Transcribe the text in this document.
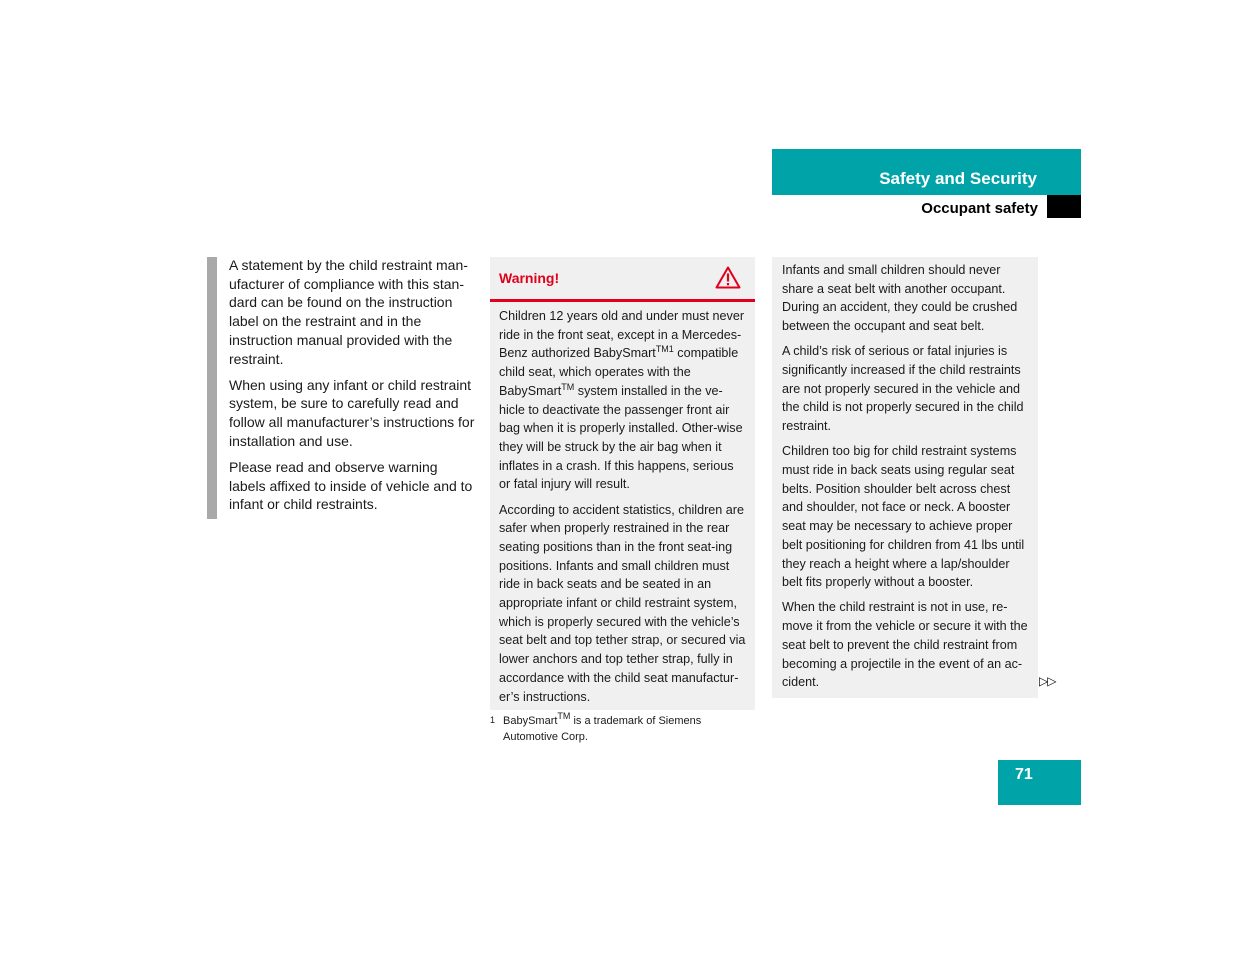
Safety and Security
Occupant safety

A statement by the child restraint man-ufacturer of compliance with this stan-dard can be found on the instruction label on the restraint and in the instruction manual provided with the restraint.

When using any infant or child restraint system, be sure to carefully read and follow all manufacturer’s instructions for installation and use.

Please read and observe warning labels affixed to inside of vehicle and to infant or child restraints.

Warning!

Children 12 years old and under must never ride in the front seat, except in a Mercedes-Benz authorized BabySmart$^{TM1}$ compatible child seat, which operates with the BabySmart™ system installed in the ve-hicle to deactivate the passenger front air bag when it is properly installed. Other-wise they will be struck by the air bag when it inflates in a crash. If this happens, serious or fatal injury will result.

According to accident statistics, children are safer when properly restrained in the rear seating positions than in the front seat-ing positions. Infants and small children must ride in back seats and be seated in an appropriate infant or child restraint system, which is properly secured with the vehicle’s seat belt and top tether strap, or secured via lower anchors and top tether strap, fully in accordance with the child seat manufactur-er’s instructions.

1 BabySmart™ is a trademark of Siemens Automotive Corp.

Infants and small children should never share a seat belt with another occupant. During an accident, they could be crushed between the occupant and seat belt.

A child’s risk of serious or fatal injuries is significantly increased if the child restraints are not properly secured in the vehicle and the child is not properly secured in the child restraint.

Children too big for child restraint systems must ride in back seats using regular seat belts. Position shoulder belt across chest and shoulder, not face or neck. A booster seat may be necessary to achieve proper belt positioning for children from 41 lbs until they reach a height where a lap/shoulder belt fits properly without a booster.

When the child restraint is not in use, re-move it from the vehicle or secure it with the seat belt to prevent the child restraint from becoming a projectile in the event of an ac-cident.	▷▷
71
